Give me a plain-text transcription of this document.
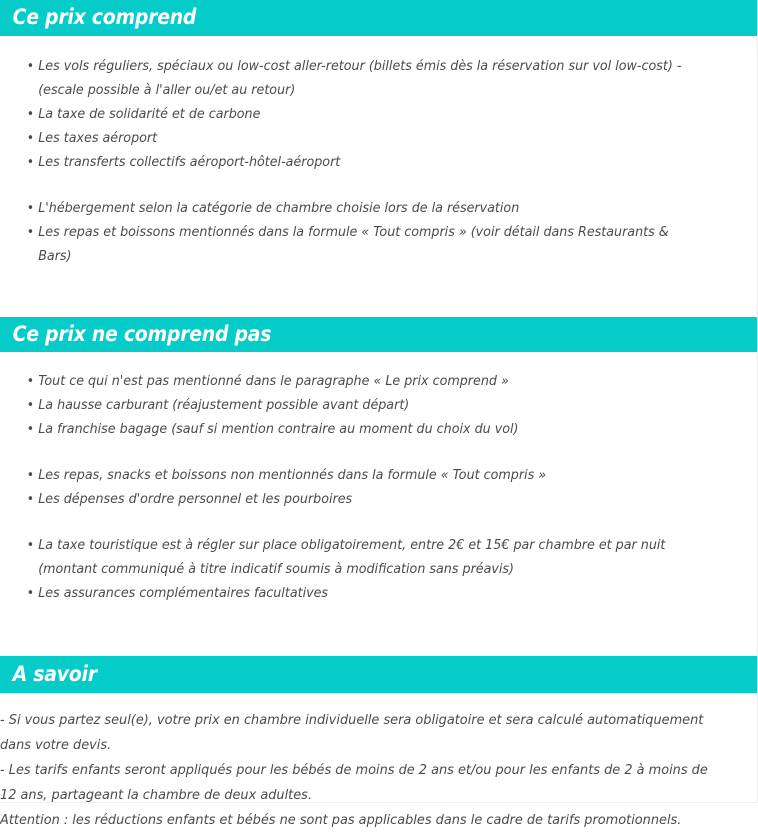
Ce prix comprend
• Les vols réguliers, spéciaux ou low-cost aller-retour (billets émis dès la réservation sur vol low-cost) - (escale possible à l'aller ou/et au retour)
• La taxe de solidarité et de carbone
• Les taxes aéroport
• Les transferts collectifs aéroport-hôtel-aéroport
• L'hébergement selon la catégorie de chambre choisie lors de la réservation
• Les repas et boissons mentionnés dans la formule « Tout compris » (voir détail dans Restaurants & Bars)
Ce prix ne comprend pas
• Tout ce qui n'est pas mentionné dans le paragraphe « Le prix comprend »
• La hausse carburant (réajustement possible avant départ)
• La franchise bagage (sauf si mention contraire au moment du choix du vol)
• Les repas, snacks et boissons non mentionnés dans la formule « Tout compris »
• Les dépenses d'ordre personnel et les pourboires
• La taxe touristique est à régler sur place obligatoirement, entre 2€ et 15€ par chambre et par nuit (montant communiqué à titre indicatif soumis à modification sans préavis)
• Les assurances complémentaires facultatives
A savoir

- Si vous partez seul(e), votre prix en chambre individuelle sera obligatoire et sera calculé automatiquement dans votre devis.

- Les tarifs enfants seront appliqués pour les bébés de moins de 2 ans et/ou pour les enfants de 2 à moins de 12 ans, partageant la chambre de deux adultes.

Attention : les réductions enfants et bébés ne sont pas applicables dans le cadre de tarifs promotionnels.
